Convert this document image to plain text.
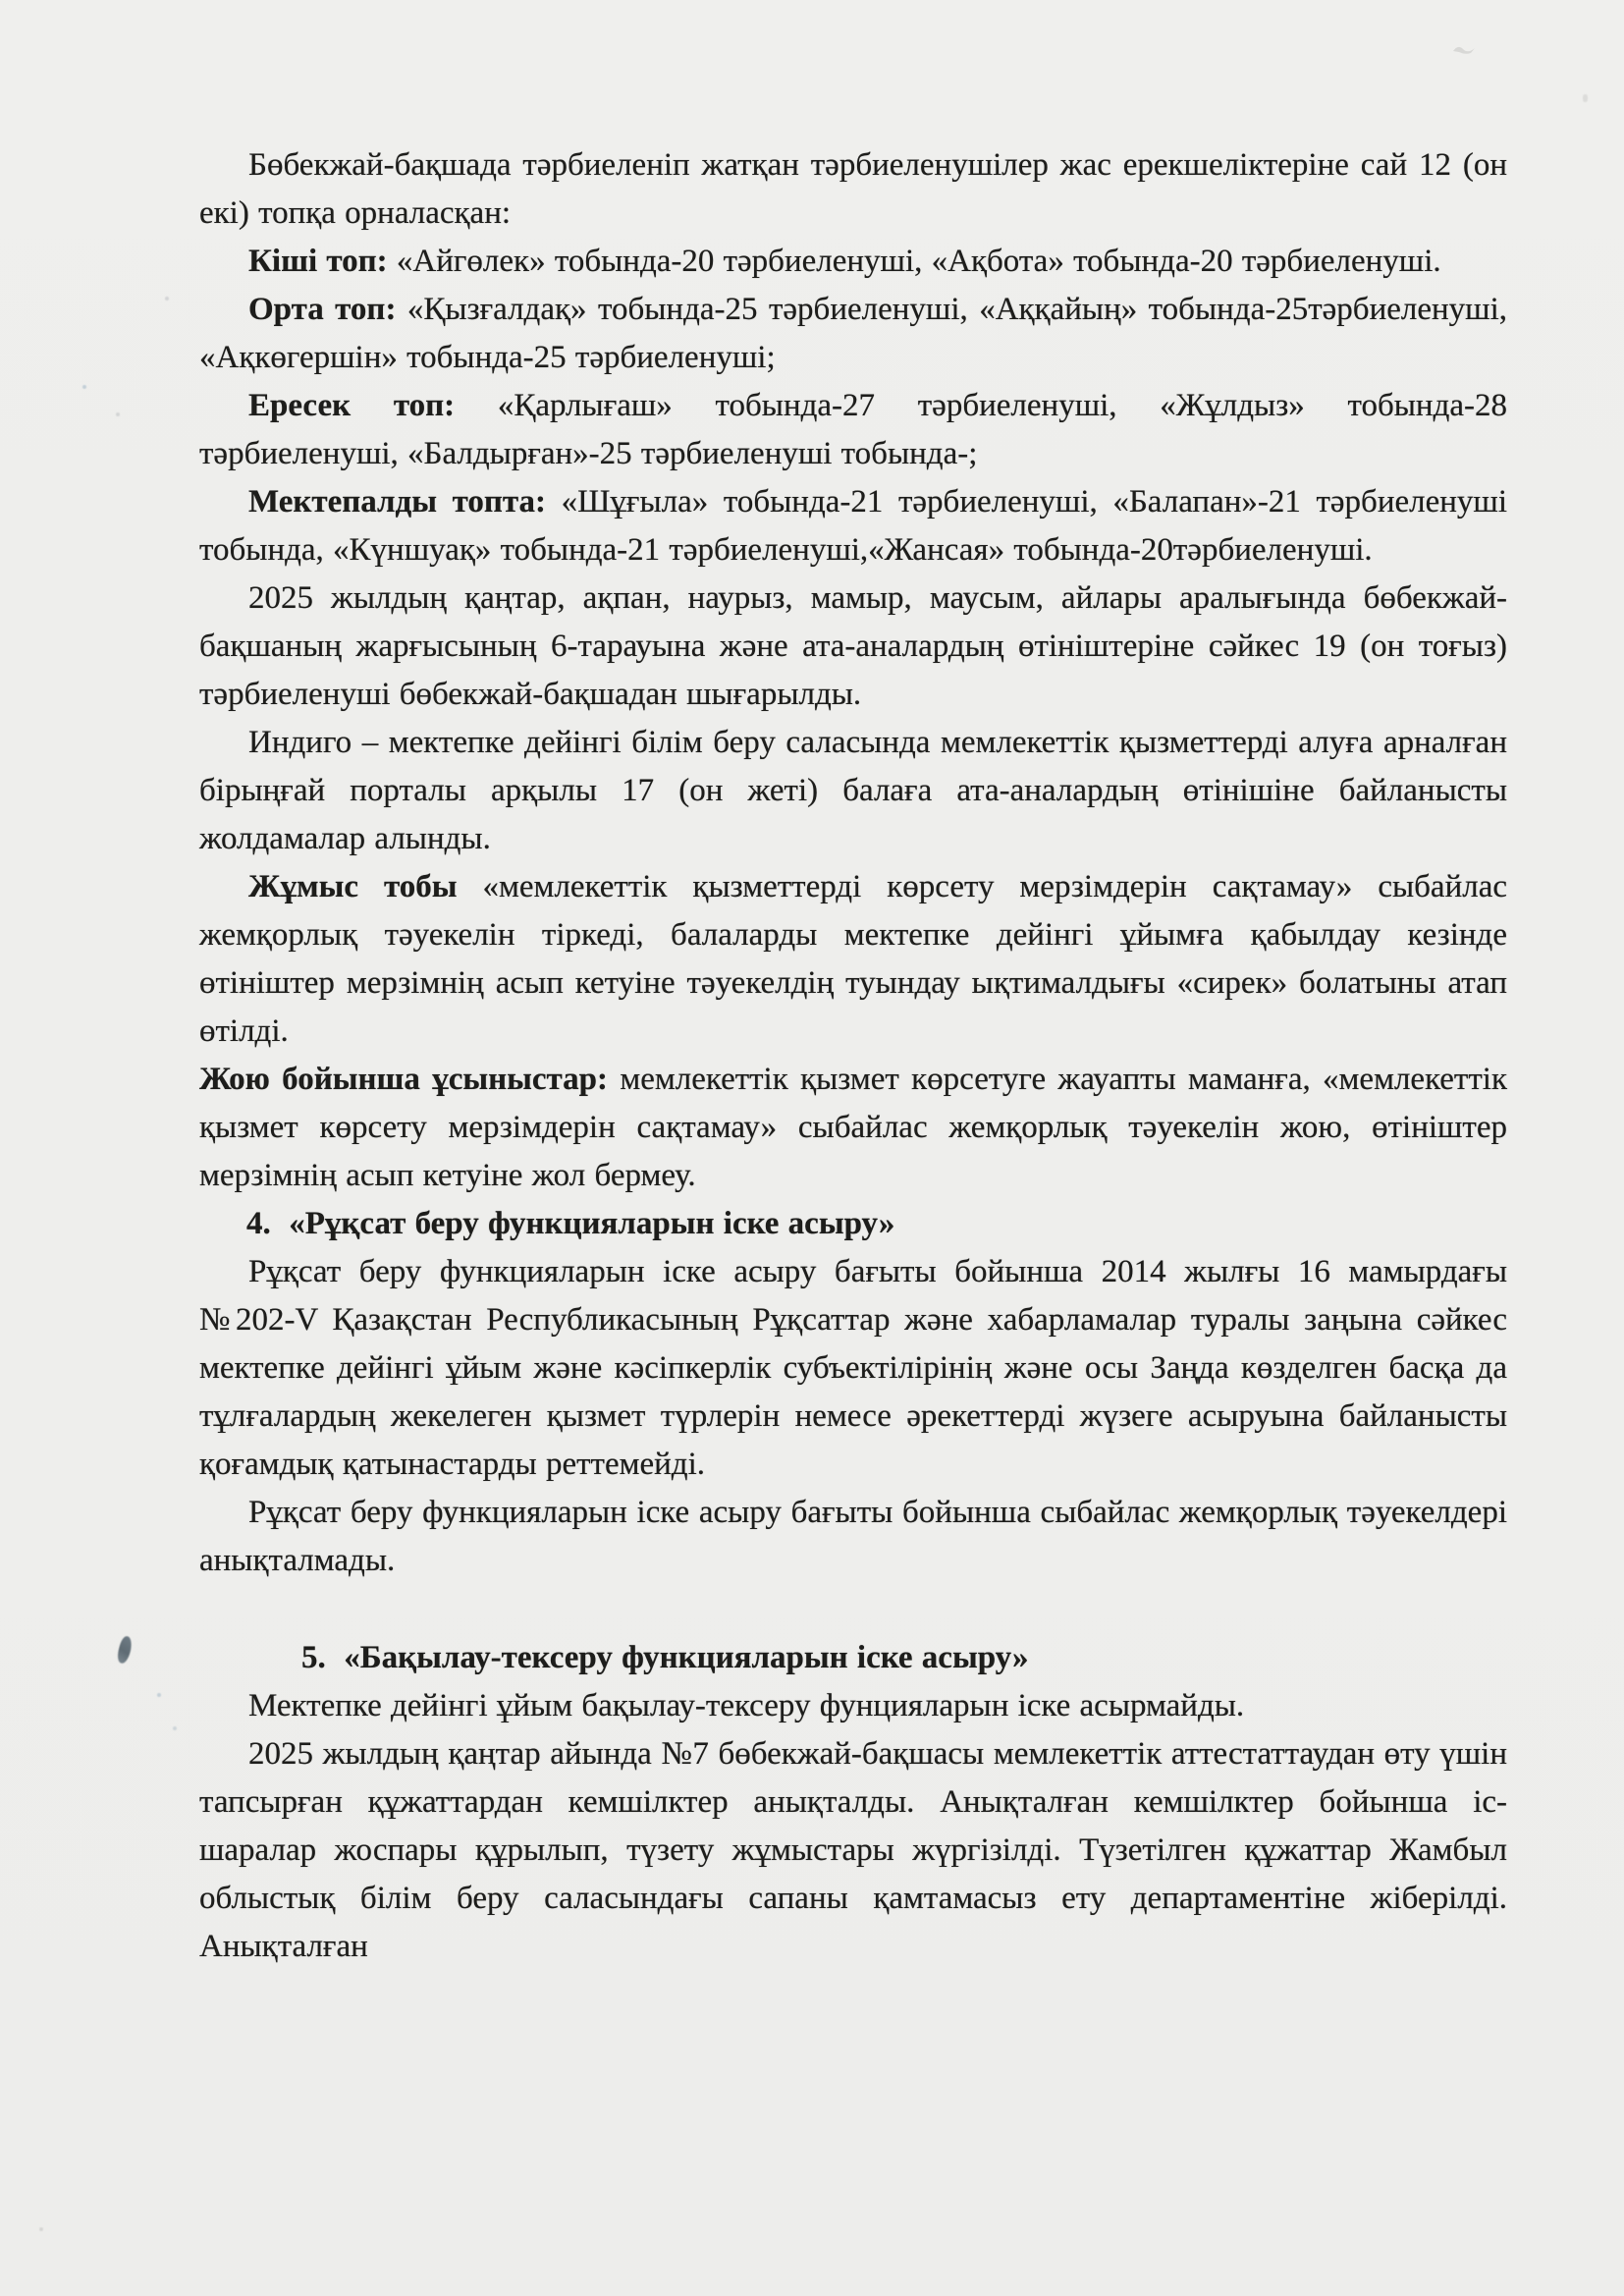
Бөбекжай-бақшада тәрбиеленіп жатқан тәрбиеленушілер жас ерекшеліктеріне сай 12 (он екі) топқа орналасқан:

Кіші топ: «Айгөлек» тобында-20 тәрбиеленуші, «Ақбота» тобында-20 тәрбиеленуші.

Орта топ: «Қызғалдақ» тобында-25 тәрбиеленуші, «Аққайың» тобында-25тәрбиеленуші, «Ақкөгершін» тобында-25 тәрбиеленуші;

Ересек топ: «Қарлығаш» тобында-27 тәрбиеленуші, «Жұлдыз» тобында-28 тәрбиеленуші, «Балдырған»-25 тәрбиеленуші тобында-;

Мектепалды топта: «Шұғыла» тобында-21 тәрбиеленуші, «Балапан»-21 тәрбиеленуші тобында, «Күншуақ» тобында-21 тәрбиеленуші,«Жансая» тобында-20тәрбиеленуші.

2025 жылдың қаңтар, ақпан, наурыз, мамыр, маусым, айлары аралығында бөбекжай-бақшаның жарғысының 6-тарауына және ата-аналардың өтініштеріне сәйкес 19 (он тоғыз) тәрбиеленуші бөбекжай-бақшадан шығарылды.

Индиго – мектепке дейінгі білім беру саласында мемлекеттік қызметтерді алуға арналған бірыңғай порталы арқылы 17 (он жеті) балаға ата-аналардың өтінішіне байланысты жолдамалар алынды.

Жұмыс тобы «мемлекеттік қызметтерді көрсету мерзімдерін сақтамау» сыбайлас жемқорлық тәуекелін тіркеді, балаларды мектепке дейінгі ұйымға қабылдау кезінде өтініштер мерзімнің асып кетуіне тәуекелдің туындау ықтималдығы «сирек» болатыны атап өтілді.

Жою бойынша ұсыныстар: мемлекеттік қызмет көрсетуге жауапты маманға, «мемлекеттік қызмет көрсету мерзімдерін сақтамау» сыбайлас жемқорлық тәуекелін жою, өтініштер мерзімнің асып кетуіне жол бермеу.

4.  «Рұқсат беру функцияларын іске асыру»

Рұқсат беру функцияларын іске асыру бағыты бойынша 2014 жылғы 16 мамырдағы №202-V Қазақстан Республикасының Рұқсаттар және хабарламалар туралы заңына сәйкес мектепке дейінгі ұйым және кәсіпкерлік субъектілірінің және осы Заңда көзделген басқа да тұлғалардың жекелеген қызмет түрлерін немесе әрекеттерді жүзеге асыруына байланысты қоғамдық қатынастарды реттемейді.

Рұқсат беру функцияларын іске асыру бағыты бойынша сыбайлас жемқорлық тәуекелдері анықталмады.

5.  «Бақылау-тексеру функцияларын іске асыру»

Мектепке дейінгі ұйым бақылау-тексеру фунцияларын іске асырмайды.

2025 жылдың қаңтар айында №7 бөбекжай-бақшасы мемлекеттік аттестаттаудан өту үшін тапсырған құжаттардан кемшілктер анықталды. Анықталған кемшілктер бойынша іс-шаралар жоспары құрылып, түзету жұмыстары жүргізілді. Түзетілген құжаттар Жамбыл облыстық білім беру саласындағы сапаны қамтамасыз ету департаментіне жіберілді. Анықталған
